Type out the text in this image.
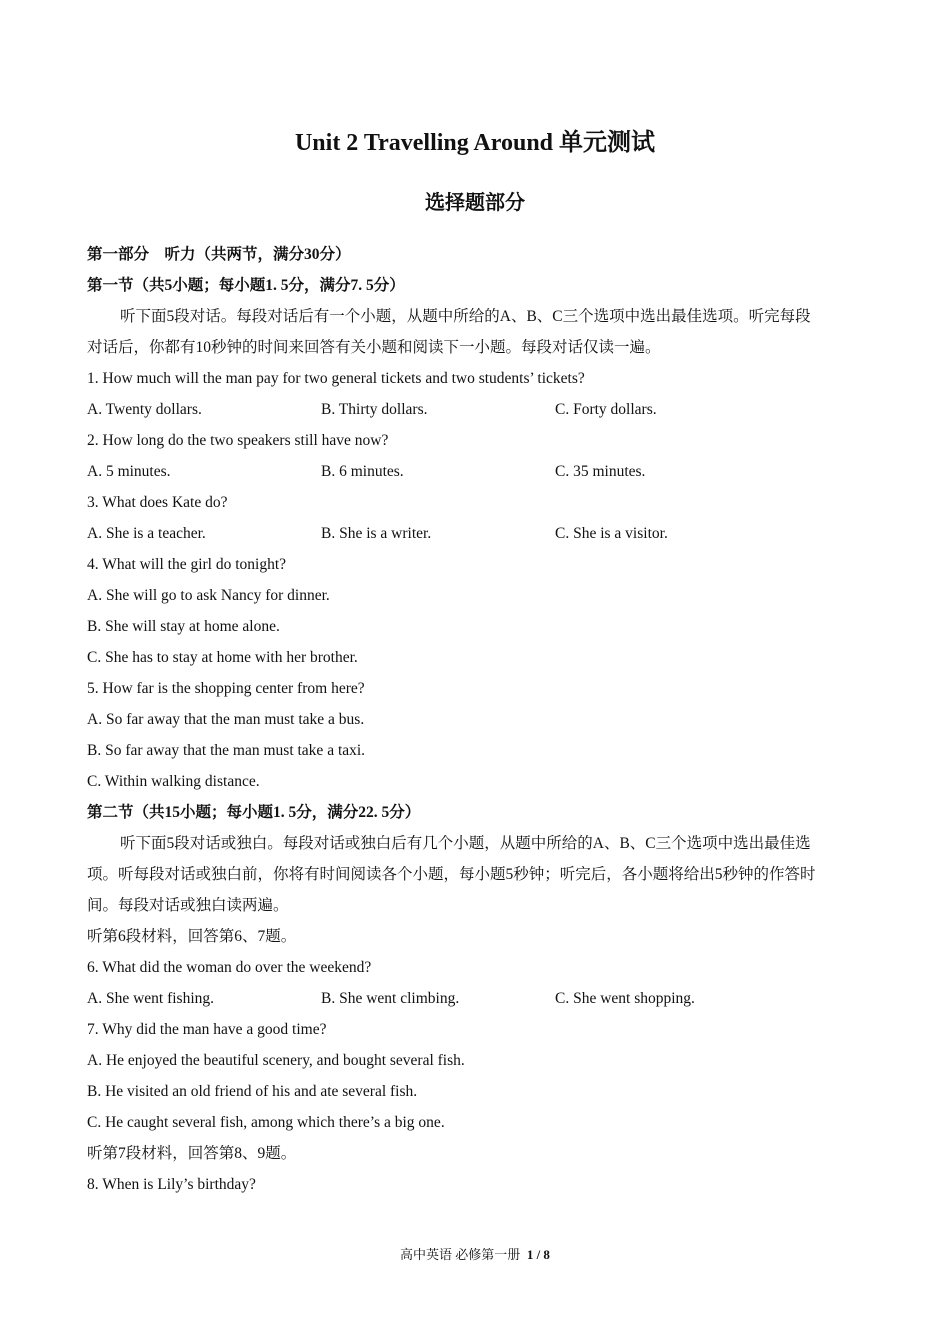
Unit 2 Travelling Around 单元测试
选择题部分
第一部分　听力（共两节，满分30分）
第一节（共5小题；每小题1. 5分，满分7. 5分）
听下面5段对话。每段对话后有一个小题，从题中所给的A、B、C三个选项中选出最佳选项。听完每段
对话后，你都有10秒钟的时间来回答有关小题和阅读下一小题。每段对话仅读一遍。
1. How much will the man pay for two general tickets and two students’ tickets?
A. Twenty dollars.	B. Thirty dollars.	C. Forty dollars.
2. How long do the two speakers still have now?
A. 5 minutes.	B. 6 minutes.	C. 35 minutes.
3. What does Kate do?
A. She is a teacher.	B. She is a writer.	C. She is a visitor.
4. What will the girl do tonight?
A. She will go to ask Nancy for dinner.
B. She will stay at home alone.
C. She has to stay at home with her brother.
5. How far is the shopping center from here?
A. So far away that the man must take a bus.
B. So far away that the man must take a taxi.
C. Within walking distance.
第二节（共15小题；每小题1. 5分，满分22. 5分）
听下面5段对话或独白。每段对话或独白后有几个小题，从题中所给的A、B、C三个选项中选出最佳选
项。听每段对话或独白前，你将有时间阅读各个小题，每小题5秒钟；听完后，各小题将给出5秒钟的作答时
间。每段对话或独白读两遍。
听第6段材料，回答第6、7题。
6. What did the woman do over the weekend?
A. She went fishing.	B. She went climbing.	C. She went shopping.
7. Why did the man have a good time?
A. He enjoyed the beautiful scenery, and bought several fish.
B. He visited an old friend of his and ate several fish.
C. He caught several fish, among which there’s a big one.
听第7段材料，回答第8、9题。
8. When is Lily’s birthday?
高中英语 必修第一册 1 / 8
